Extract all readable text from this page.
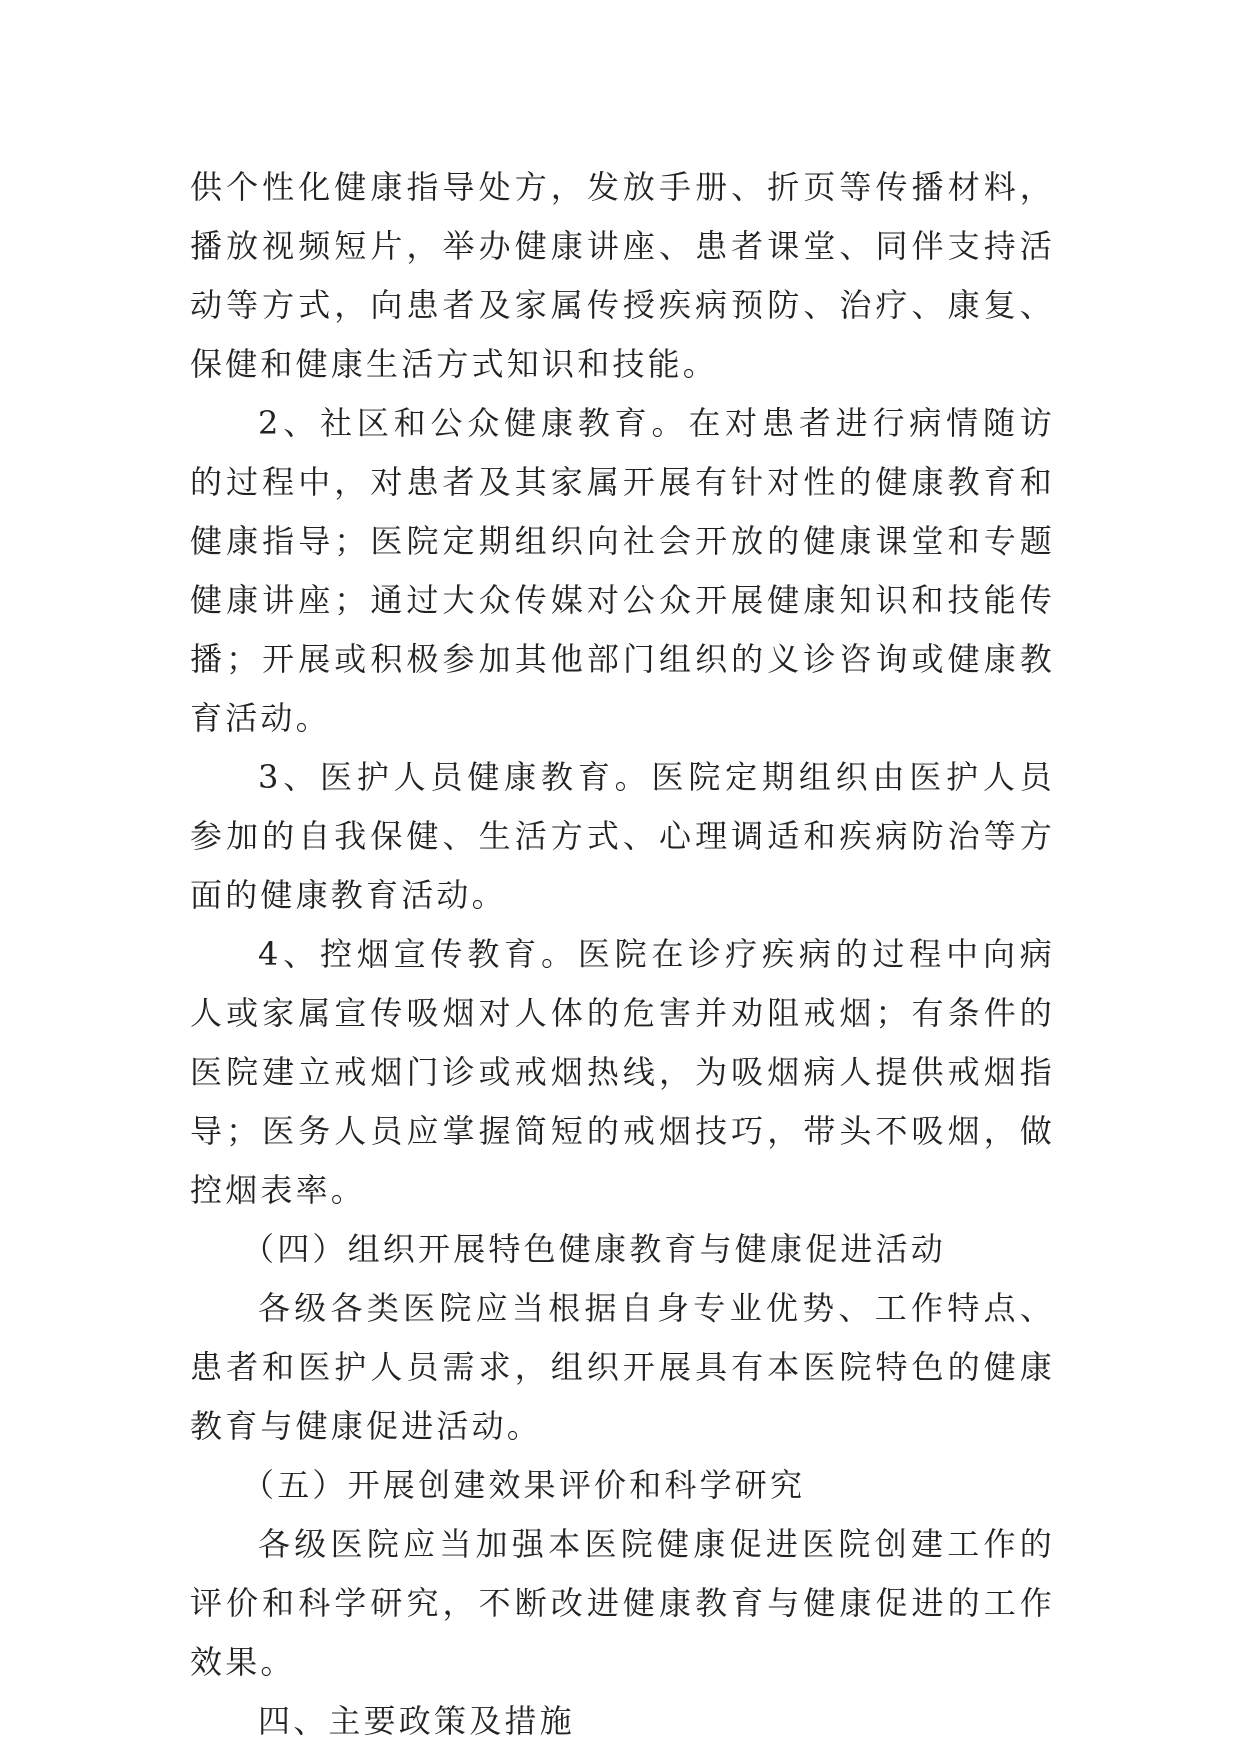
供个性化健康指导处方，发放手册、折页等传播材料，播放视频短片，举办健康讲座、患者课堂、同伴支持活动等方式，向患者及家属传授疾病预防、治疗、康复、保健和健康生活方式知识和技能。

2、社区和公众健康教育。在对患者进行病情随访的过程中，对患者及其家属开展有针对性的健康教育和健康指导；医院定期组织向社会开放的健康课堂和专题健康讲座；通过大众传媒对公众开展健康知识和技能传播；开展或积极参加其他部门组织的义诊咨询或健康教育活动。

3、医护人员健康教育。医院定期组织由医护人员参加的自我保健、生活方式、心理调适和疾病防治等方面的健康教育活动。

4、控烟宣传教育。医院在诊疗疾病的过程中向病人或家属宣传吸烟对人体的危害并劝阻戒烟；有条件的医院建立戒烟门诊或戒烟热线，为吸烟病人提供戒烟指导；医务人员应掌握简短的戒烟技巧，带头不吸烟，做控烟表率。

（四）组织开展特色健康教育与健康促进活动

各级各类医院应当根据自身专业优势、工作特点、患者和医护人员需求，组织开展具有本医院特色的健康教育与健康促进活动。

（五）开展创建效果评价和科学研究

各级医院应当加强本医院健康促进医院创建工作的评价和科学研究，不断改进健康教育与健康促进的工作效果。

四、主要政策及措施
